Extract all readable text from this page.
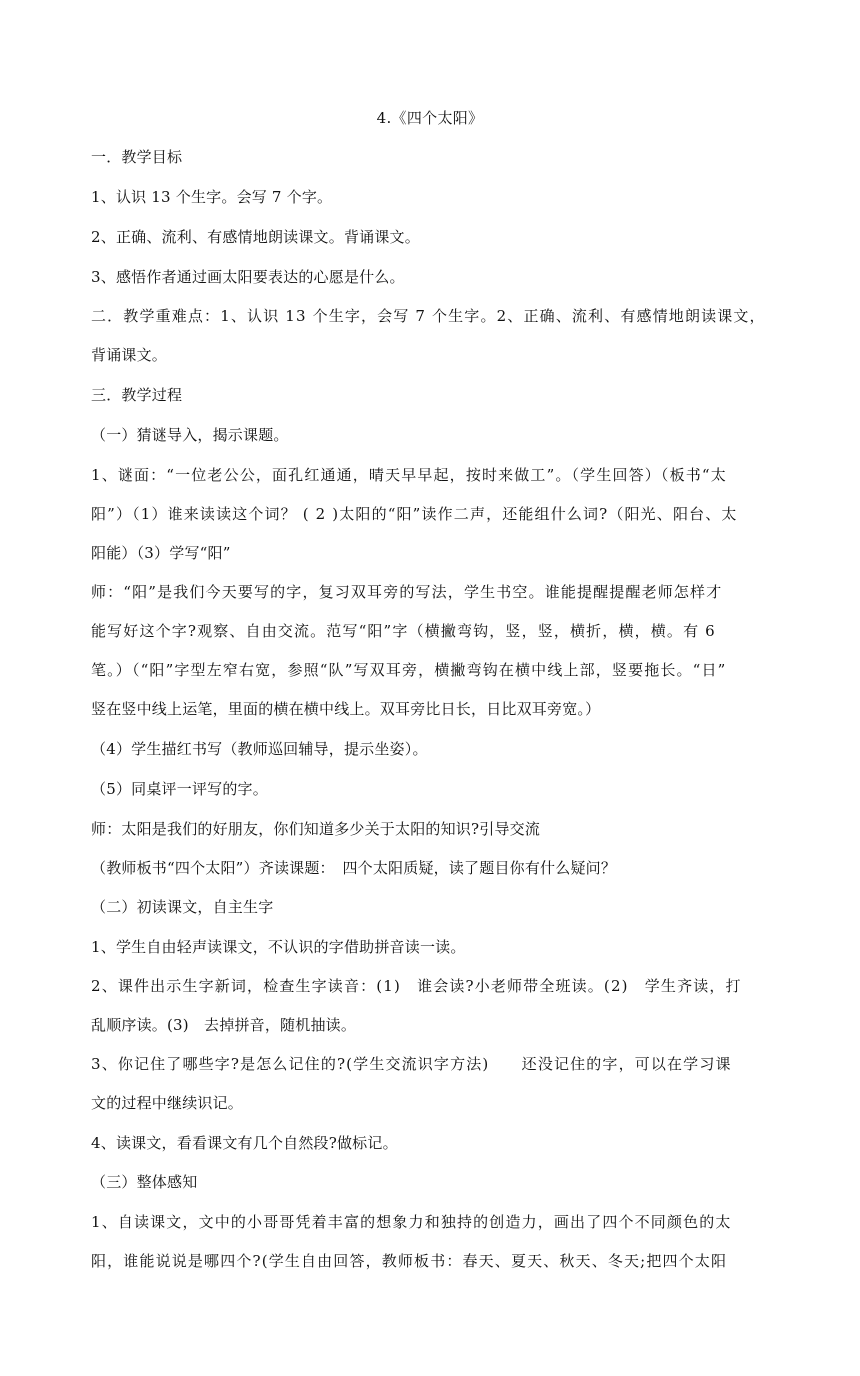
4.《四个太阳》
一．教学目标
1、认识 13 个生字。会写 7 个字。
2、正确、流利、有感情地朗读课文。背诵课文。
3、感悟作者通过画太阳要表达的心愿是什么。
二．教学重难点：1、认识 13 个生字，会写 7 个生字。2、正确、流利、有感情地朗读课文，
背诵课文。
三．教学过程
（一）猜谜导入，揭示课题。
1、谜面：“一位老公公，面孔红通通，晴天早早起，按时来做工”。（学生回答）（板书“太
阳”）（1）谁来读读这个词？ ( 2 )太阳的“阳”读作二声，还能组什么词?（阳光、阳台、太
阳能）（3）学写“阳”
师：“阳”是我们今天要写的字，复习双耳旁的写法，学生书空。谁能提醒提醒老师怎样才
能写好这个字?观察、自由交流。范写“阳”字（横撇弯钩，竖，竖，横折，横，横。有 6
笔。）（“阳”字型左窄右宽，参照“队”写双耳旁，横撇弯钩在横中线上部，竖要拖长。“日”
竖在竖中线上运笔，里面的横在横中线上。双耳旁比日长，日比双耳旁宽。）
（4）学生描红书写（教师巡回辅导，提示坐姿）。
（5）同桌评一评写的字。
师：太阳是我们的好朋友，你们知道多少关于太阳的知识?引导交流
（教师板书“四个太阳”）齐读课题：　四个太阳质疑，读了题目你有什么疑问？
（二）初读课文，自主生字
1、学生自由轻声读课文，不认识的字借助拼音读一读。
2、课件出示生字新词，检查生字读音：(1)　谁会读?小老师带全班读。(2)　学生齐读，打
乱顺序读。(3)　去掉拼音，随机抽读。
3、你记住了哪些字?是怎么记住的?(学生交流识字方法)　　还没记住的字，可以在学习课
文的过程中继续识记。
4、读课文，看看课文有几个自然段?做标记。
（三）整体感知
1、自读课文，文中的小哥哥凭着丰富的想象力和独持的创造力，画出了四个不同颜色的太
阳，谁能说说是哪四个?(学生自由回答，教师板书：春天、夏天、秋天、冬天;把四个太阳
